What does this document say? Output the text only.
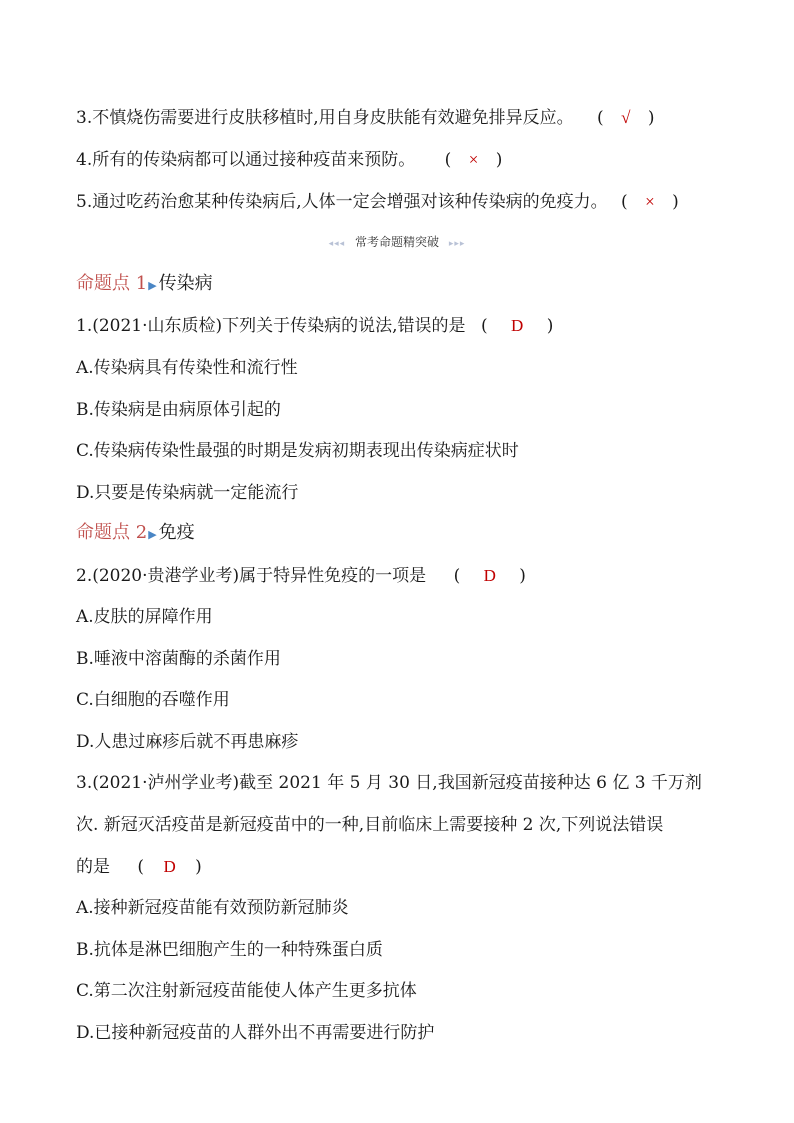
3.不慎烧伤需要进行皮肤移植时,用自身皮肤能有效避免排异反应。 ( √ )
4.所有的传染病都可以通过接种疫苗来预防。 ( × )
5.通过吃药治愈某种传染病后,人体一定会增强对该种传染病的免疫力。 ( × )
◂◂◂ 常考命题精突破 ▸▸▸
命题点 1▶ 传染病
1.(2021·山东质检)下列关于传染病的说法,错误的是 ( D )
A.传染病具有传染性和流行性
B.传染病是由病原体引起的
C.传染病传染性最强的时期是发病初期表现出传染病症状时
D.只要是传染病就一定能流行
命题点 2▶ 免疫
2.(2020·贵港学业考)属于特异性免疫的一项是 ( D )
A.皮肤的屏障作用
B.唾液中溶菌酶的杀菌作用
C.白细胞的吞噬作用
D.人患过麻疹后就不再患麻疹
3.(2021·泸州学业考)截至 2021 年 5 月 30 日,我国新冠疫苗接种达 6 亿 3 千万剂
次. 新冠灭活疫苗是新冠疫苗中的一种,目前临床上需要接种 2 次,下列说法错误
的是 ( D )
A.接种新冠疫苗能有效预防新冠肺炎
B.抗体是淋巴细胞产生的一种特殊蛋白质
C.第二次注射新冠疫苗能使人体产生更多抗体
D.已接种新冠疫苗的人群外出不再需要进行防护
